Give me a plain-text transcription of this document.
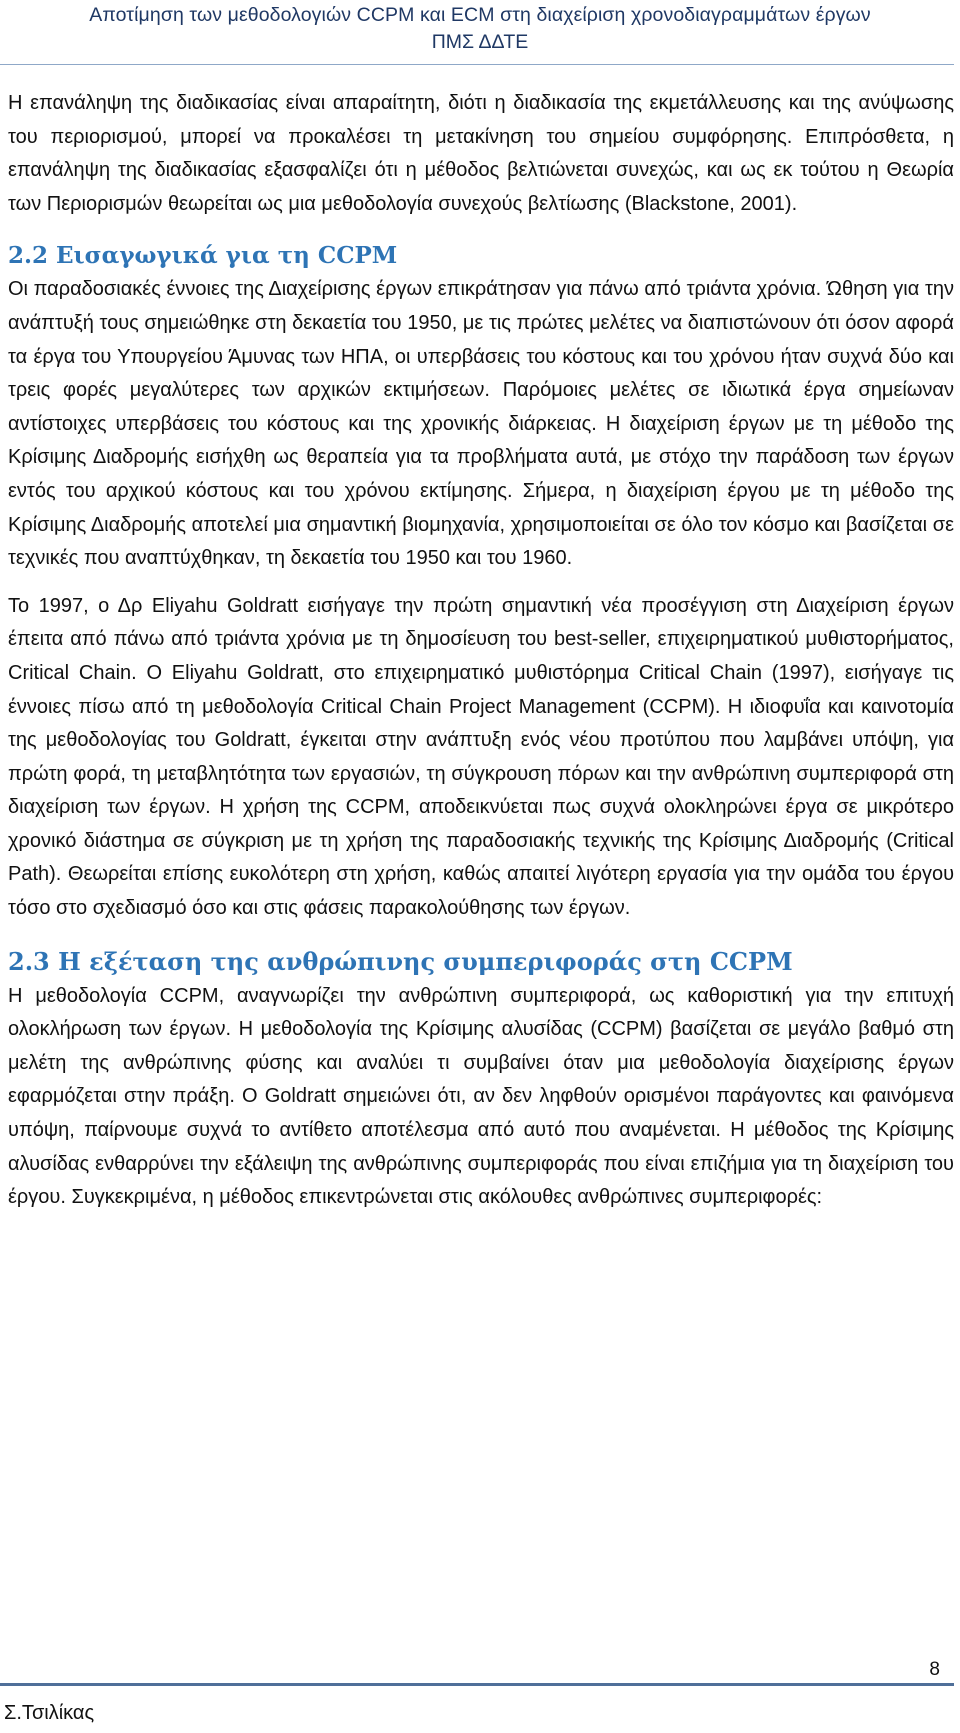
Αποτίμηση των μεθοδολογιών CCPM και ECM στη διαχείριση χρονοδιαγραμμάτων έργων
ΠΜΣ ΔΔΤΕ

Η επανάληψη της διαδικασίας είναι απαραίτητη, διότι η διαδικασία της εκμετάλλευσης και της ανύψωσης του περιορισμού, μπορεί να προκαλέσει τη μετακίνηση του σημείου συμφόρησης. Επιπρόσθετα, η επανάληψη της διαδικασίας εξασφαλίζει ότι η μέθοδος βελτιώνεται συνεχώς, και ως εκ τούτου η Θεωρία των Περιορισμών θεωρείται ως μια μεθοδολογία συνεχούς βελτίωσης (Blackstone, 2001).

2.2 Εισαγωγικά για τη CCPM

Οι παραδοσιακές έννοιες της Διαχείρισης έργων επικράτησαν για πάνω από τριάντα χρόνια. Ώθηση για την ανάπτυξή τους σημειώθηκε στη δεκαετία του 1950, με τις πρώτες μελέτες να διαπιστώνουν ότι όσον αφορά τα έργα του Υπουργείου Άμυνας των ΗΠΑ, οι υπερβάσεις του κόστους και του χρόνου ήταν συχνά δύο και τρεις φορές μεγαλύτερες των αρχικών εκτιμήσεων. Παρόμοιες μελέτες σε ιδιωτικά έργα σημείωναν αντίστοιχες υπερβάσεις του κόστους και της χρονικής διάρκειας. Η διαχείριση έργων με τη μέθοδο της Κρίσιμης Διαδρομής εισήχθη ως θεραπεία για τα προβλήματα αυτά, με στόχο την παράδοση των έργων εντός του αρχικού κόστους και του χρόνου εκτίμησης. Σήμερα, η διαχείριση έργου με τη μέθοδο της Κρίσιμης Διαδρομής αποτελεί μια σημαντική βιομηχανία, χρησιμοποιείται σε όλο τον κόσμο και βασίζεται σε τεχνικές που αναπτύχθηκαν, τη δεκαετία του 1950 και του 1960.

Το 1997, ο Δρ Eliyahu Goldratt εισήγαγε την πρώτη σημαντική νέα προσέγγιση στη Διαχείριση έργων έπειτα από πάνω από τριάντα χρόνια με τη δημοσίευση του best-seller, επιχειρηματικού μυθιστορήματος, Critical Chain. Ο Eliyahu Goldratt, στο επιχειρηματικό μυθιστόρημα Critical Chain (1997), εισήγαγε τις έννοιες πίσω από τη μεθοδολογία Critical Chain Project Management (CCPM). Η ιδιοφυΐα και καινοτομία της μεθοδολογίας του Goldratt, έγκειται στην ανάπτυξη ενός νέου προτύπου που λαμβάνει υπόψη, για πρώτη φορά, τη μεταβλητότητα των εργασιών, τη σύγκρουση πόρων και την ανθρώπινη συμπεριφορά στη διαχείριση των έργων. Η χρήση της CCPM, αποδεικνύεται πως συχνά ολοκληρώνει έργα σε μικρότερο χρονικό διάστημα σε σύγκριση με τη χρήση της παραδοσιακής τεχνικής της Κρίσιμης Διαδρομής (Critical Path). Θεωρείται επίσης ευκολότερη στη χρήση, καθώς απαιτεί λιγότερη εργασία για την ομάδα του έργου τόσο στο σχεδιασμό όσο και στις φάσεις παρακολούθησης των έργων.

2.3 Η εξέταση της ανθρώπινης συμπεριφοράς στη CCPM

Η μεθοδολογία CCPM, αναγνωρίζει την ανθρώπινη συμπεριφορά, ως καθοριστική για την επιτυχή ολοκλήρωση των έργων. Η μεθοδολογία της Κρίσιμης αλυσίδας (CCPM) βασίζεται σε μεγάλο βαθμό στη μελέτη της ανθρώπινης φύσης και αναλύει τι συμβαίνει όταν μια μεθοδολογία διαχείρισης έργων εφαρμόζεται στην πράξη. Ο Goldratt σημειώνει ότι, αν δεν ληφθούν ορισμένοι παράγοντες και φαινόμενα υπόψη, παίρνουμε συχνά το αντίθετο αποτέλεσμα από αυτό που αναμένεται. Η μέθοδος της Κρίσιμης αλυσίδας ενθαρρύνει την εξάλειψη της ανθρώπινης συμπεριφοράς που είναι επιζήμια για τη διαχείριση του έργου. Συγκεκριμένα, η μέθοδος επικεντρώνεται στις ακόλουθες ανθρώπινες συμπεριφορές:

8
Σ.Τσιλίκας
